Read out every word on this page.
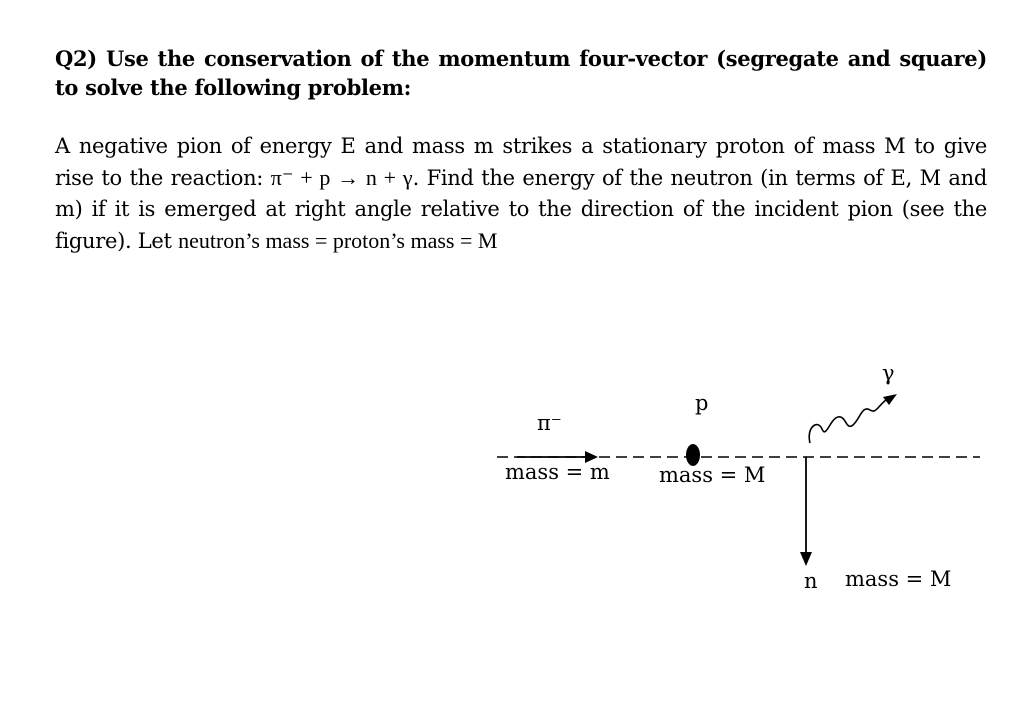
Q2) Use the conservation of the momentum four-vector (segregate and square) to solve the following problem:
A negative pion of energy E and mass m strikes a stationary proton of mass M to give rise to the reaction: π⁻ + p → n + γ. Find the energy of the neutron (in terms of E, M and m) if it is emerged at right angle relative to the direction of the incident pion (see the figure). Let neutron’s mass = proton’s mass = M
π⁻
mass = m
p
mass = M
γ
n mass = M
